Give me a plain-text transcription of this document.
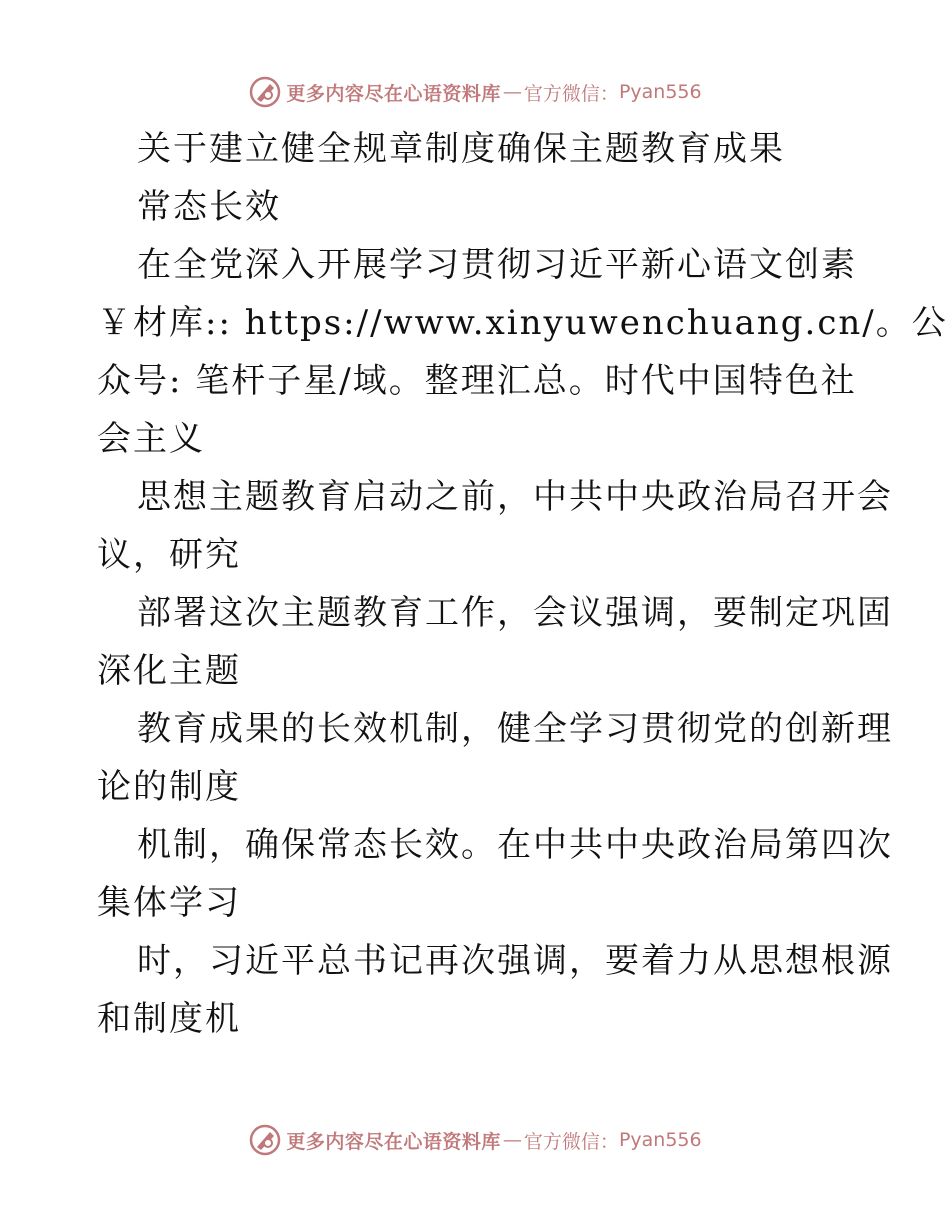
更多内容尽在心语资料库 — 官方微信： Pyan556
关于建立健全规章制度确保主题教育成果
常态长效
在全党深入开展学习贯彻习近平新心语文创素
￥材库:: https://www.xinyuwenchuang.cn/。公
众号: 笔杆子星/域。整理汇总。时代中国特色社
会主义
思想主题教育启动之前，中共中央政治局召开会
议，研究
部署这次主题教育工作，会议强调，要制定巩固
深化主题
教育成果的长效机制，健全学习贯彻党的创新理
论的制度
机制，确保常态长效。在中共中央政治局第四次
集体学习
时，习近平总书记再次强调，要着力从思想根源
和制度机
更多内容尽在心语资料库 — 官方微信： Pyan556
